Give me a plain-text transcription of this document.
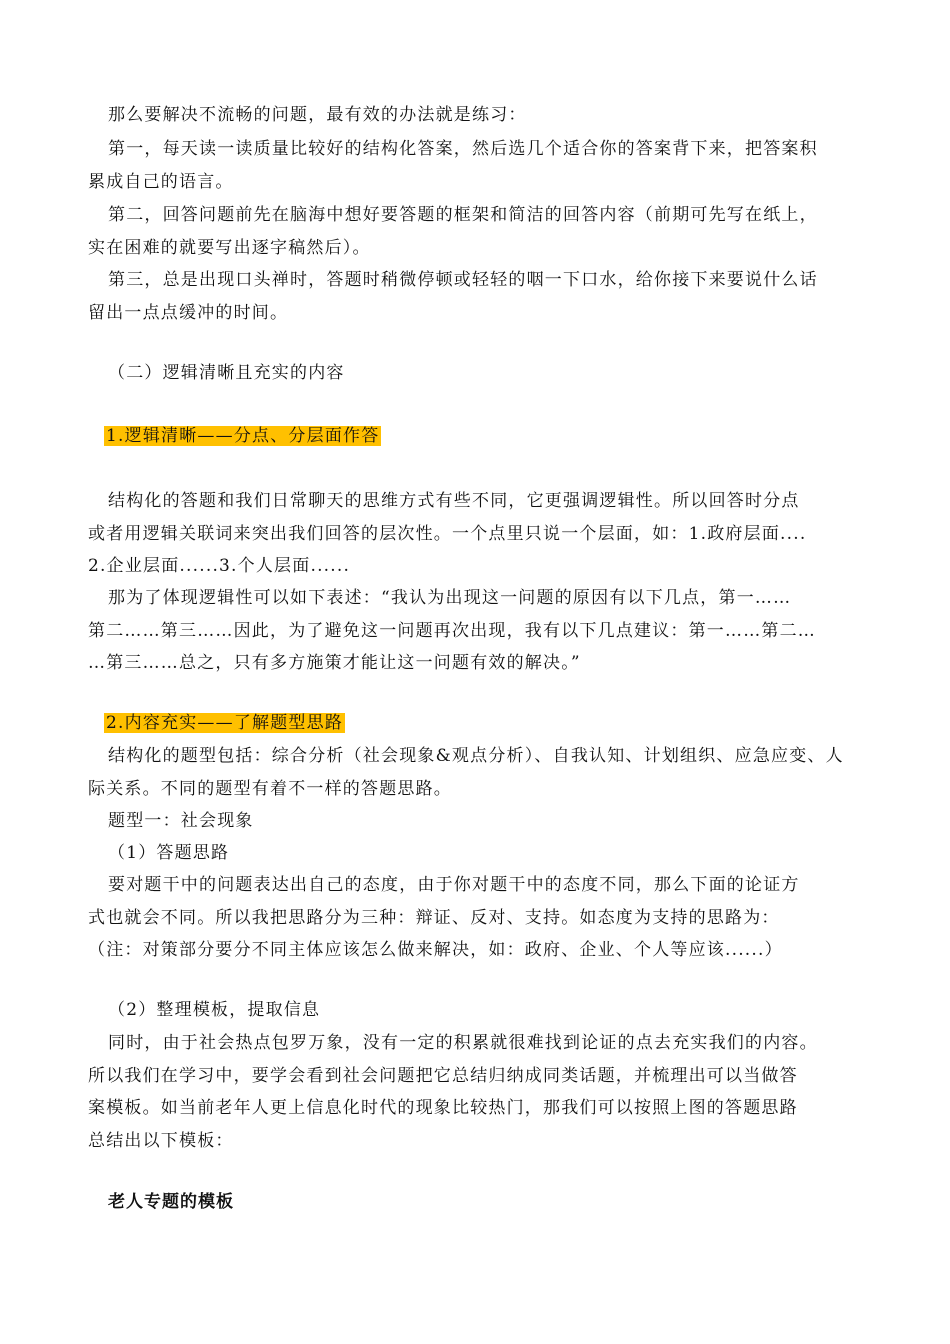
那么要解决不流畅的问题，最有效的办法就是练习：
第一，每天读一读质量比较好的结构化答案，然后选几个适合你的答案背下来，把答案积
累成自己的语言。
第二，回答问题前先在脑海中想好要答题的框架和简洁的回答内容（前期可先写在纸上，
实在困难的就要写出逐字稿然后）。
第三，总是出现口头禅时，答题时稍微停顿或轻轻的咽一下口水，给你接下来要说什么话
留出一点点缓冲的时间。
（二）逻辑清晰且充实的内容
1.逻辑清晰——分点、分层面作答
结构化的答题和我们日常聊天的思维方式有些不同，它更强调逻辑性。所以回答时分点
或者用逻辑关联词来突出我们回答的层次性。一个点里只说一个层面，如：1.政府层面....
2.企业层面......3.个人层面......
那为了体现逻辑性可以如下表述：“我认为出现这一问题的原因有以下几点，第一……
第二……第三……因此，为了避免这一问题再次出现，我有以下几点建议：第一……第二…
…第三……总之，只有多方施策才能让这一问题有效的解决。”
2.内容充实——了解题型思路
结构化的题型包括：综合分析（社会现象&观点分析）、自我认知、计划组织、应急应变、人
际关系。不同的题型有着不一样的答题思路。
题型一：社会现象
（1）答题思路
要对题干中的问题表达出自己的态度，由于你对题干中的态度不同，那么下面的论证方
式也就会不同。所以我把思路分为三种：辩证、反对、支持。如态度为支持的思路为：
（注：对策部分要分不同主体应该怎么做来解决，如：政府、企业、个人等应该......）
（2）整理模板，提取信息
同时，由于社会热点包罗万象，没有一定的积累就很难找到论证的点去充实我们的内容。
所以我们在学习中，要学会看到社会问题把它总结归纳成同类话题，并梳理出可以当做答
案模板。如当前老年人更上信息化时代的现象比较热门，那我们可以按照上图的答题思路
总结出以下模板：
老人专题的模板
